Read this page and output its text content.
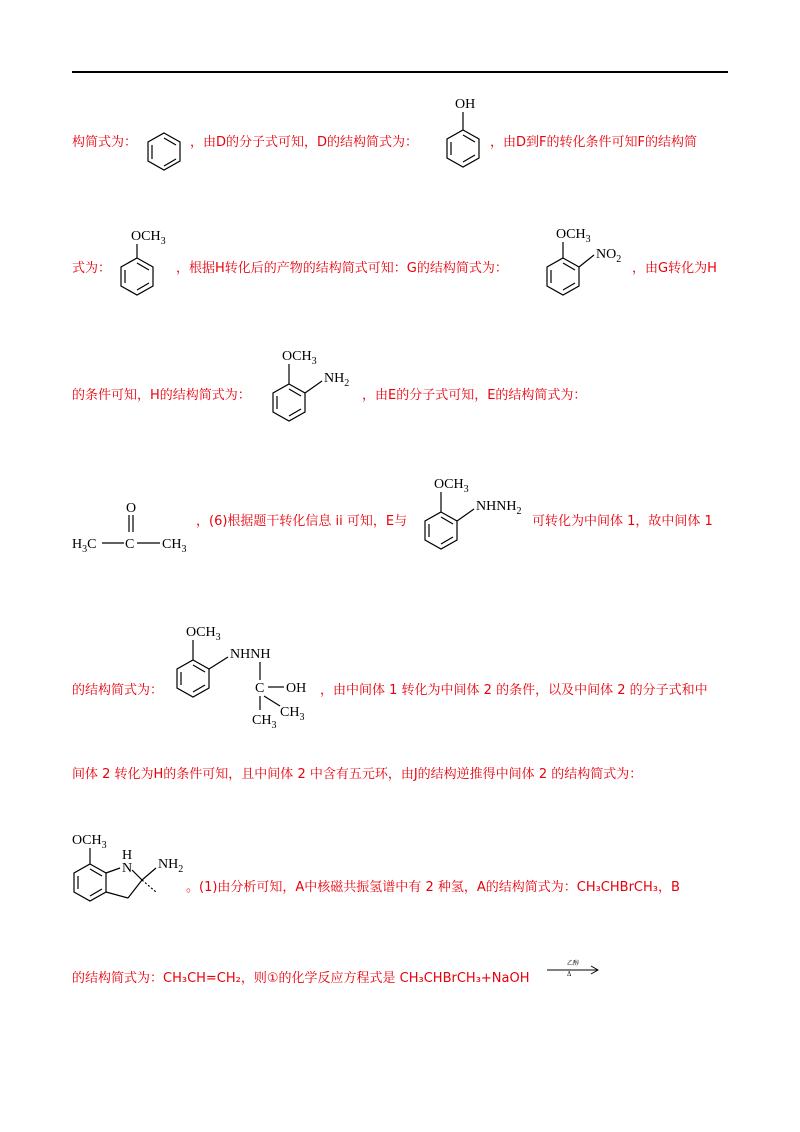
构简式为：	，由D的分子式可知，D的结构简式为：
OH
，由D到F的转化条件可知F的结构简
式为：
$OCH_3$
，根据H转化后的产物的结构简式可知：G的结构简式为：
$OCH_3$
$NO_2$
，由G转化为H
的条件可知，H的结构简式为：
$OCH_3$
$NH_2$
，由E的分子式可知，E的结构简式为：
O
$H_3C$ C $CH_3$
，(6)根据题干转化信息 ii 可知，E与
$OCH_3$
$NHNH_2$
可转化为中间体 1，故中间体 1
的结构简式为：
$OCH_3$
NHNH
C OH
$CH_3$
$CH_3$
，由中间体 1 转化为中间体 2 的条件，以及中间体 2 的分子式和中
间体 2 转化为H的条件可知，且中间体 2 中含有五元环，由J的结构逆推得中间体 2 的结构简式为：
$OCH_3$
H
N $NH_2$
。(1)由分析可知，A中核磁共振氢谱中有 2 种氢，A的结构简式为：CH₃CHBrCH₃，B
的结构简式为：CH₃CH=CH₂，则①的化学反应方程式是 CH₃CHBrCH₃+NaOH
乙醇
Δ
